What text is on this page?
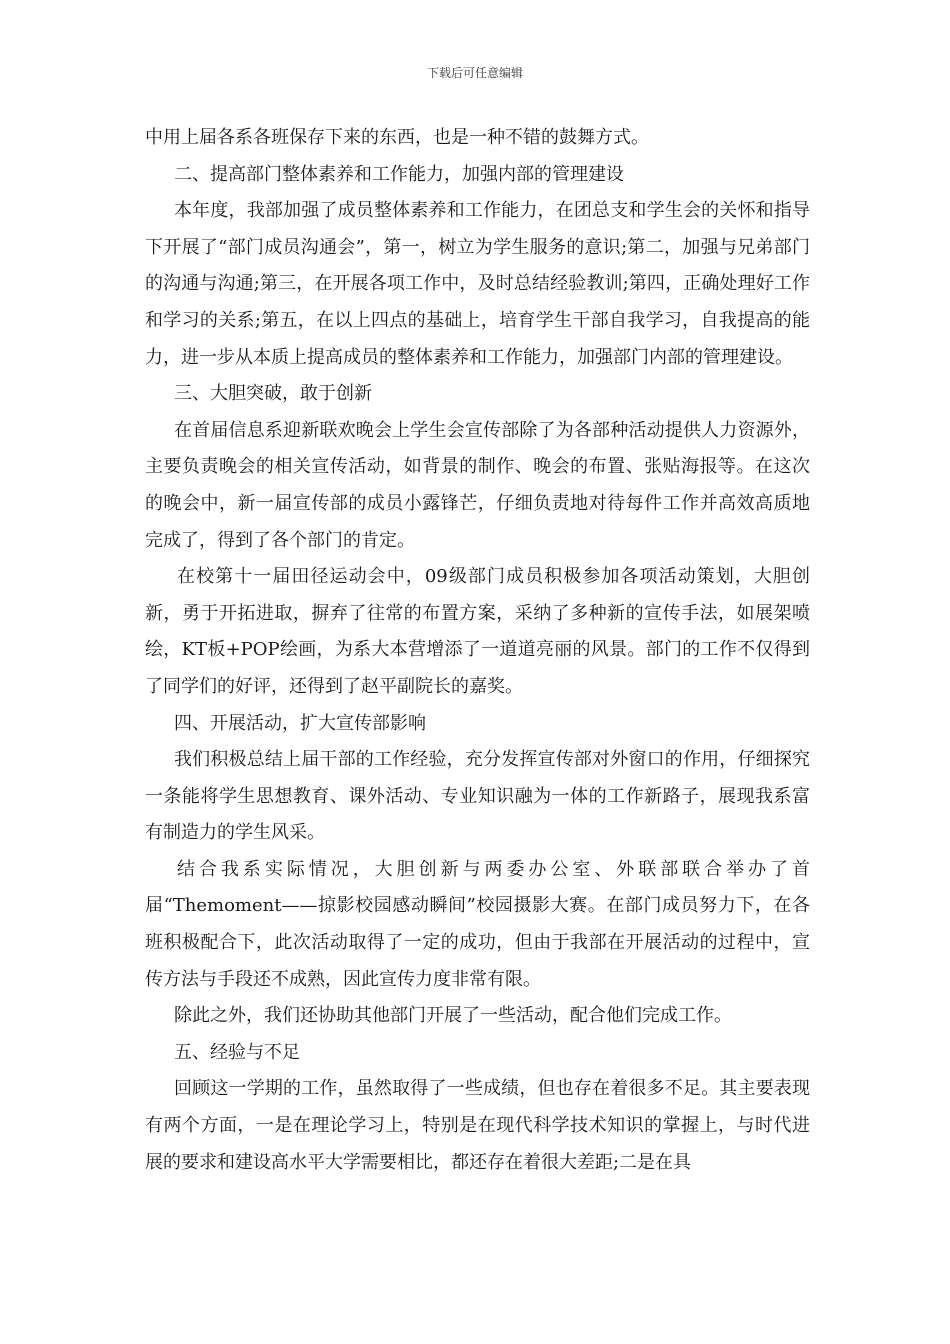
下载后可任意编辑

中用上届各系各班保存下来的东西，也是一种不错的鼓舞方式。

二、提高部门整体素养和工作能力，加强内部的管理建设

本年度，我部加强了成员整体素养和工作能力，在团总支和学生会的关怀和指导下开展了“部门成员沟通会”，第一，树立为学生服务的意识;第二，加强与兄弟部门的沟通与沟通;第三，在开展各项工作中，及时总结经验教训;第四，正确处理好工作和学习的关系;第五，在以上四点的基础上，培育学生干部自我学习，自我提高的能力，进一步从本质上提高成员的整体素养和工作能力，加强部门内部的管理建设。

三、大胆突破，敢于创新

在首届信息系迎新联欢晚会上学生会宣传部除了为各部种活动提供人力资源外，主要负责晚会的相关宣传活动，如背景的制作、晚会的布置、张贴海报等。在这次的晚会中，新一届宣传部的成员小露锋芒，仔细负责地对待每件工作并高效高质地完成了，得到了各个部门的肯定。

在校第十一届田径运动会中，09级部门成员积极参加各项活动策划，大胆创新，勇于开拓进取，摒弃了往常的布置方案，采纳了多种新的宣传手法，如展架喷绘，KT板+POP绘画，为系大本营增添了一道道亮丽的风景。部门的工作不仅得到了同学们的好评，还得到了赵平副院长的嘉奖。

四、开展活动，扩大宣传部影响

我们积极总结上届干部的工作经验，充分发挥宣传部对外窗口的作用，仔细探究一条能将学生思想教育、课外活动、专业知识融为一体的工作新路子，展现我系富有制造力的学生风采。

结合我系实际情况，大胆创新与两委办公室、外联部联合举办了首届“Themoment——掠影校园感动瞬间”校园摄影大赛。在部门成员努力下，在各班积极配合下，此次活动取得了一定的成功，但由于我部在开展活动的过程中，宣传方法与手段还不成熟，因此宣传力度非常有限。

除此之外，我们还协助其他部门开展了一些活动，配合他们完成工作。

五、经验与不足

回顾这一学期的工作，虽然取得了一些成绩，但也存在着很多不足。其主要表现有两个方面，一是在理论学习上，特别是在现代科学技术知识的掌握上，与时代进展的要求和建设高水平大学需要相比，都还存在着很大差距;二是在具
